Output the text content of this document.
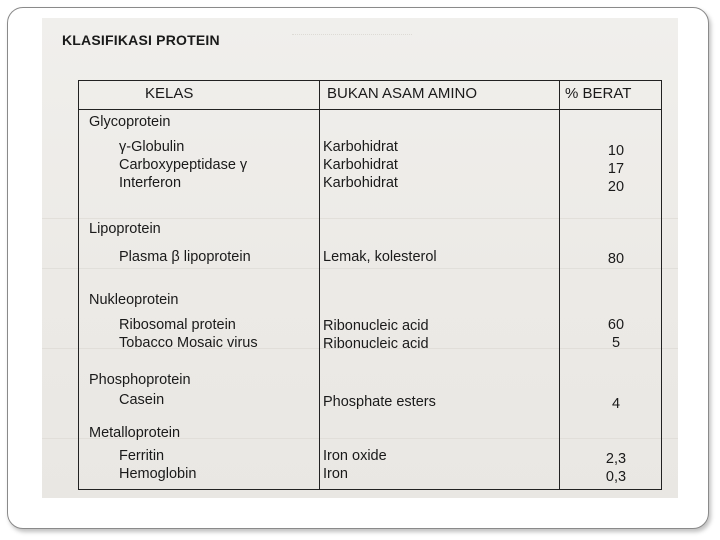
KLASIFIKASI PROTEIN
KELAS	BUKAN ASAM AMINO	% BERAT
Glycoprotein
γ-Globulin	Karbohidrat	10
Carboxypeptidase γ	Karbohidrat	17
Interferon	Karbohidrat	20
Lipoprotein
Plasma β lipoprotein	Lemak, kolesterol	80
Nukleoprotein
Ribosomal protein	Ribonucleic acid	60
Tobacco Mosaic virus	Ribonucleic acid	5
Phosphoprotein
Casein	Phosphate esters	4
Metalloprotein
Ferritin	Iron oxide	2,3
Hemoglobin	Iron	0,3
